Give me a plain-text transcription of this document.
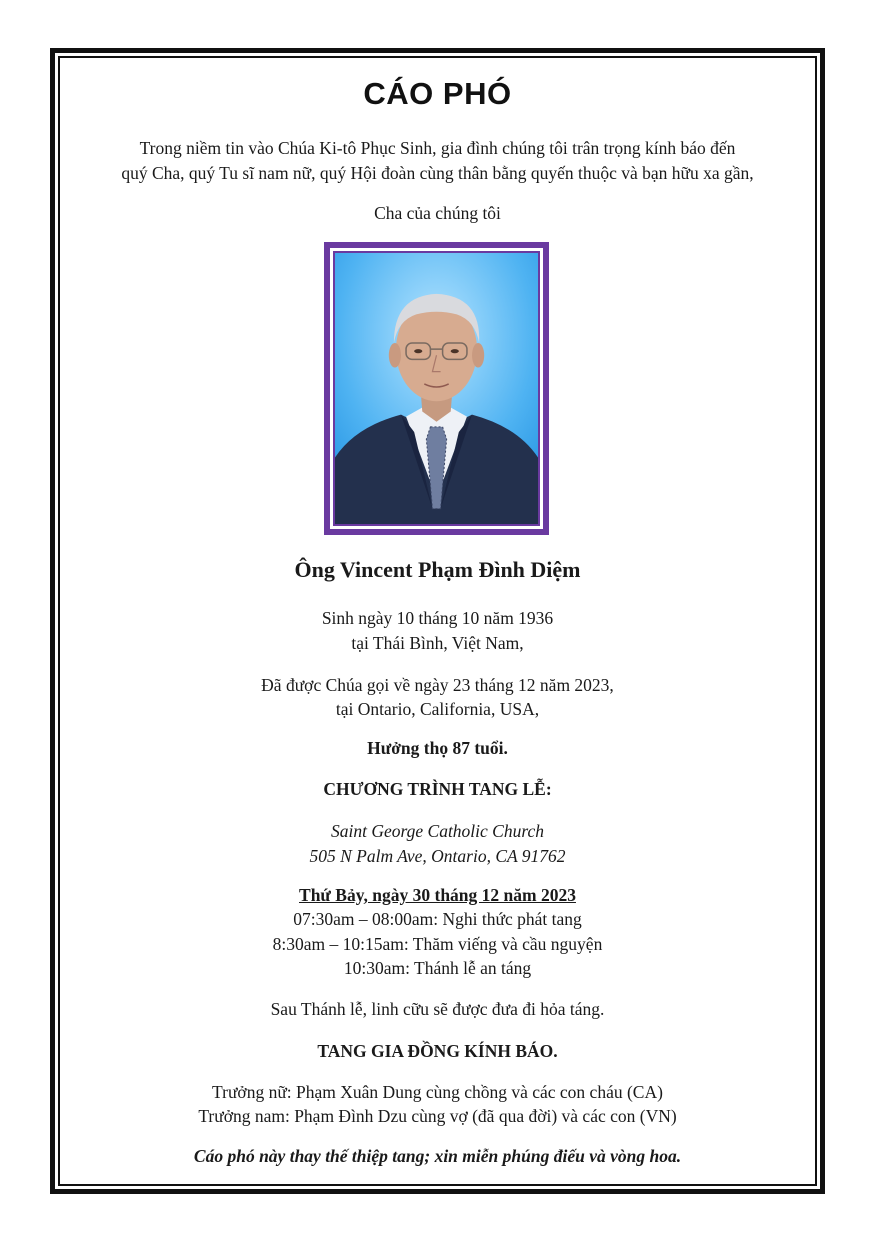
CÁO PHÓ
Trong niềm tin vào Chúa Ki-tô Phục Sinh, gia đình chúng tôi trân trọng kính báo đến
quý Cha, quý Tu sĩ nam nữ, quý Hội đoàn cùng thân bằng quyến thuộc và bạn hữu xa gần,
Cha của chúng tôi
Ông Vincent Phạm Đình Diệm
Sinh ngày 10 tháng 10 năm 1936
tại Thái Bình, Việt Nam,
Đã được Chúa gọi về ngày 23 tháng 12 năm 2023,
tại Ontario, California, USA,
Hưởng thọ 87 tuổi.
CHƯƠNG TRÌNH TANG LỄ:
Saint George Catholic Church
505 N Palm Ave, Ontario, CA 91762
Thứ Bảy, ngày 30 tháng 12 năm 2023
07:30am – 08:00am: Nghi thức phát tang
8:30am – 10:15am: Thăm viếng và cầu nguyện
10:30am: Thánh lễ an táng
Sau Thánh lễ, linh cữu sẽ được đưa đi hỏa táng.
TANG GIA ĐỒNG KÍNH BÁO.
Trưởng nữ: Phạm Xuân Dung cùng chồng và các con cháu (CA)
Trưởng nam: Phạm Đình Dzu cùng vợ (đã qua đời) và các con (VN)
Cáo phó này thay thế thiệp tang; xin miễn phúng điếu và vòng hoa.
